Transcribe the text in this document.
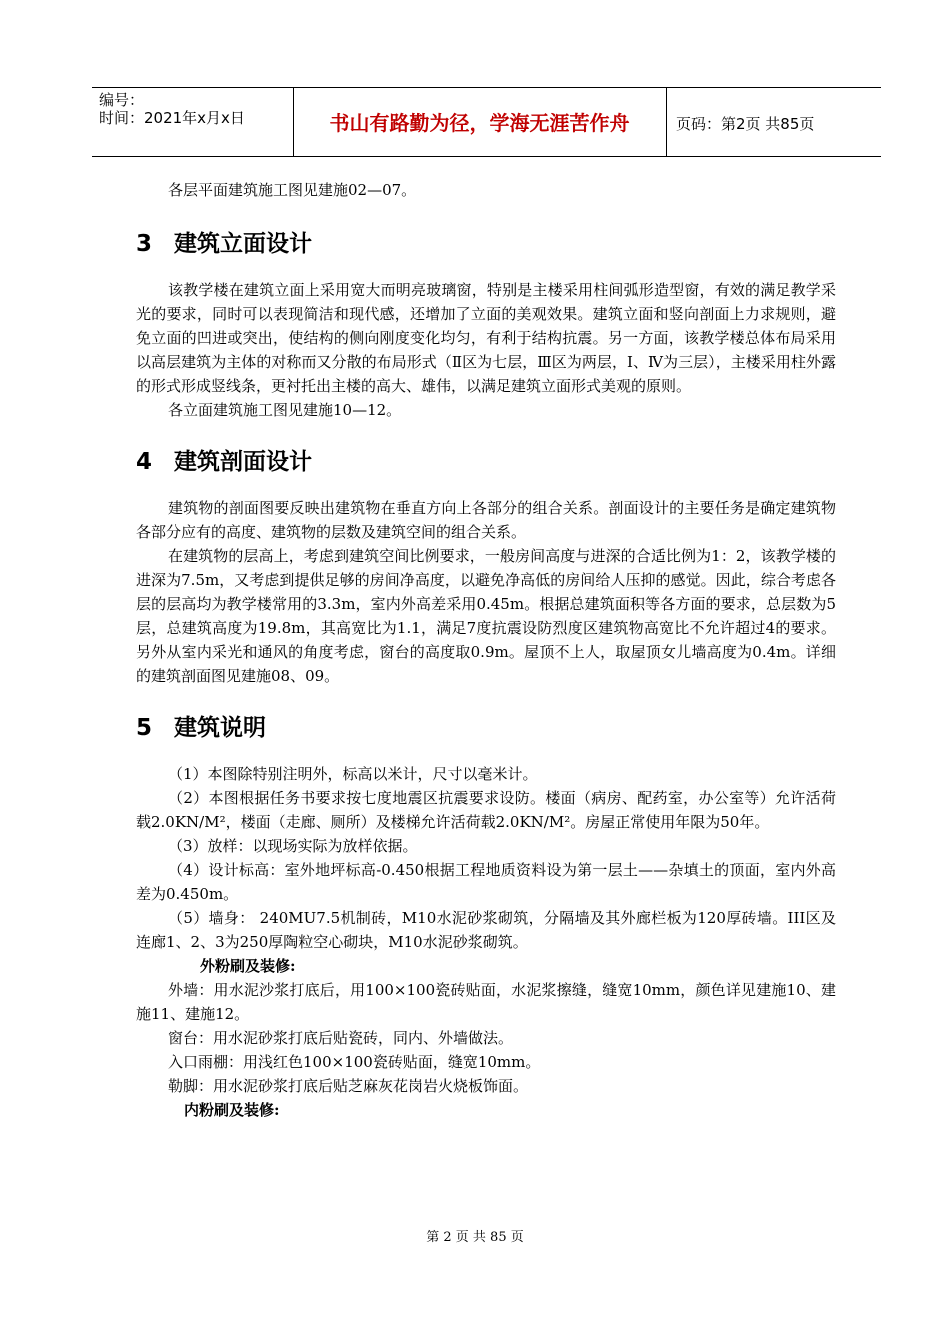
编号：
时间：2021年x月x日	书山有路勤为径，学海无涯苦作舟	页码：第2页 共85页

各层平面建筑施工图见建施02—07。

3 建筑立面设计

该教学楼在建筑立面上采用宽大而明亮玻璃窗，特别是主楼采用柱间弧形造型窗，有效的满足教学采光的要求，同时可以表现简洁和现代感，还增加了立面的美观效果。建筑立面和竖向剖面上力求规则，避免立面的凹进或突出，使结构的侧向刚度变化均匀，有利于结构抗震。另一方面，该教学楼总体布局采用以高层建筑为主体的对称而又分散的布局形式（Ⅱ区为七层，Ⅲ区为两层，Ⅰ、Ⅳ为三层），主楼采用柱外露的形式形成竖线条，更衬托出主楼的高大、雄伟，以满足建筑立面形式美观的原则。

各立面建筑施工图见建施10—12。

4 建筑剖面设计

建筑物的剖面图要反映出建筑物在垂直方向上各部分的组合关系。剖面设计的主要任务是确定建筑物各部分应有的高度、建筑物的层数及建筑空间的组合关系。

在建筑物的层高上，考虑到建筑空间比例要求，一般房间高度与进深的合适比例为1：2，该教学楼的进深为7.5m，又考虑到提供足够的房间净高度，以避免净高低的房间给人压抑的感觉。因此，综合考虑各层的层高均为教学楼常用的3.3m，室内外高差采用0.45m。根据总建筑面积等各方面的要求，总层数为5层，总建筑高度为19.8m，其高宽比为1.1，满足7度抗震设防烈度区建筑物高宽比不允许超过4的要求。另外从室内采光和通风的角度考虑，窗台的高度取0.9m。屋顶不上人，取屋顶女儿墙高度为0.4m。详细的建筑剖面图见建施08、09。

5 建筑说明

（1）本图除特别注明外，标高以米计，尺寸以毫米计。

（2）本图根据任务书要求按七度地震区抗震要求设防。楼面（病房、配药室，办公室等）允许活荷载2.0KN/M²，楼面（走廊、厕所）及楼梯允许活荷载2.0KN/M²。房屋正常使用年限为50年。

（3）放样：以现场实际为放样依据。

（4）设计标高：室外地坪标高-0.450根据工程地质资料设为第一层土——杂填土的顶面，室内外高差为0.450m。

（5）墙身： 240MU7.5机制砖，M10水泥砂浆砌筑，分隔墙及其外廊栏板为120厚砖墙。III区及连廊1、2、3为250厚陶粒空心砌块，M10水泥砂浆砌筑。

外粉刷及装修:

外墙：用水泥沙浆打底后，用100×100瓷砖贴面，水泥浆擦缝，缝宽10mm，颜色详见建施10、建施11、建施12。

窗台：用水泥砂浆打底后贴瓷砖，同内、外墙做法。

入口雨棚：用浅红色100×100瓷砖贴面，缝宽10mm。

勒脚：用水泥砂浆打底后贴芝麻灰花岗岩火烧板饰面。

内粉刷及装修:

第 2 页 共 85 页
